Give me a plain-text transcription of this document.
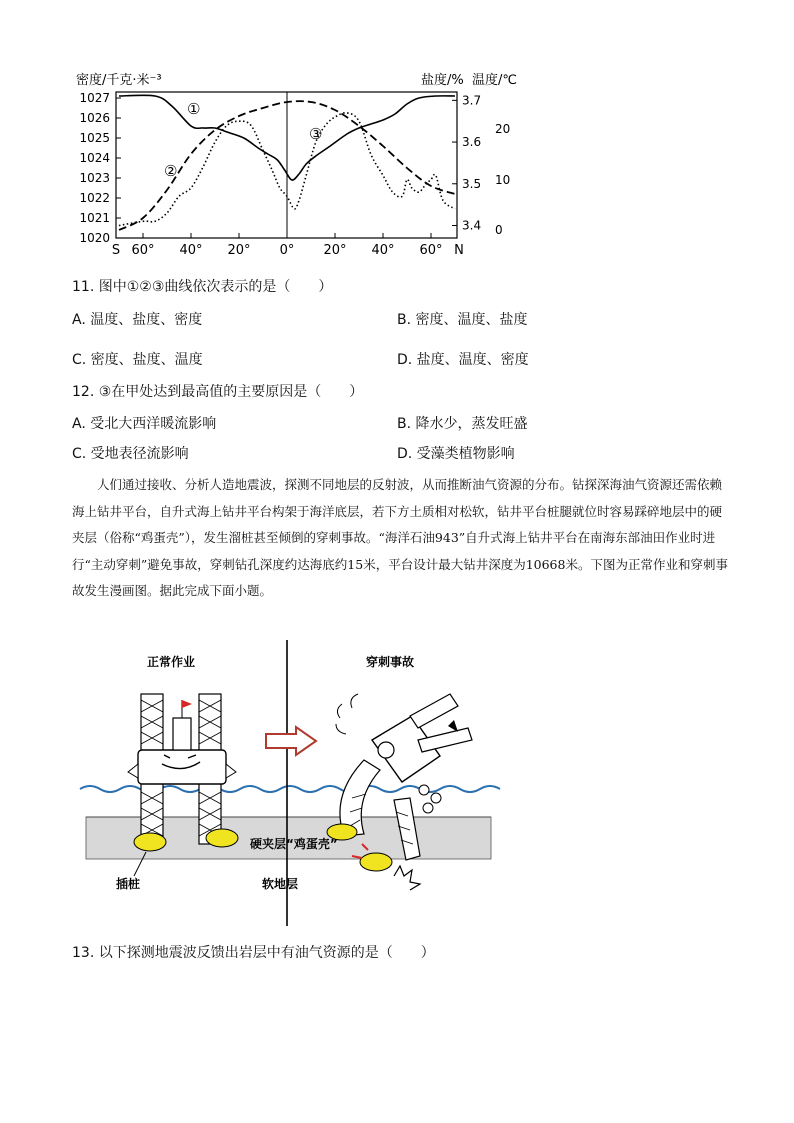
密度/千克·米⁻³	盐度/% 温度/℃
1027
1026
1025
1024
1023
1022
1021
1020
3.7
3.6
3.5
3.4
20
10
0
S 60° 40° 20° 0° 20° 40° 60° N
①
②
③
11. 图中①②③曲线依次表示的是（　　）
A. 温度、盐度、密度	B. 密度、温度、盐度
C. 密度、盐度、温度	D. 盐度、温度、密度
12. ③在甲处达到最高值的主要原因是（　　）
A. 受北大西洋暖流影响	B. 降水少，蒸发旺盛
C. 受地表径流影响	D. 受藻类植物影响

人们通过接收、分析人造地震波，探测不同地层的反射波，从而推断油气资源的分布。钻探深海油气资源还需依赖海上钻井平台，自升式海上钻井平台构架于海洋底层，若下方土质相对松软，钻井平台桩腿就位时容易踩碎地层中的硬夹层（俗称“鸡蛋壳”），发生溜桩甚至倾倒的穿刺事故。“海洋石油943”自升式海上钻井平台在南海东部油田作业时进行“主动穿刺”避免事故，穿刺钻孔深度约达海底约15米，平台设计最大钻井深度为10668米。下图为正常作业和穿刺事故发生漫画图。据此完成下面小题。

正常作业	穿刺事故
硬夹层“鸡蛋壳”
软地层
插桩
13. 以下探测地震波反馈出岩层中有油气资源的是（　　）
